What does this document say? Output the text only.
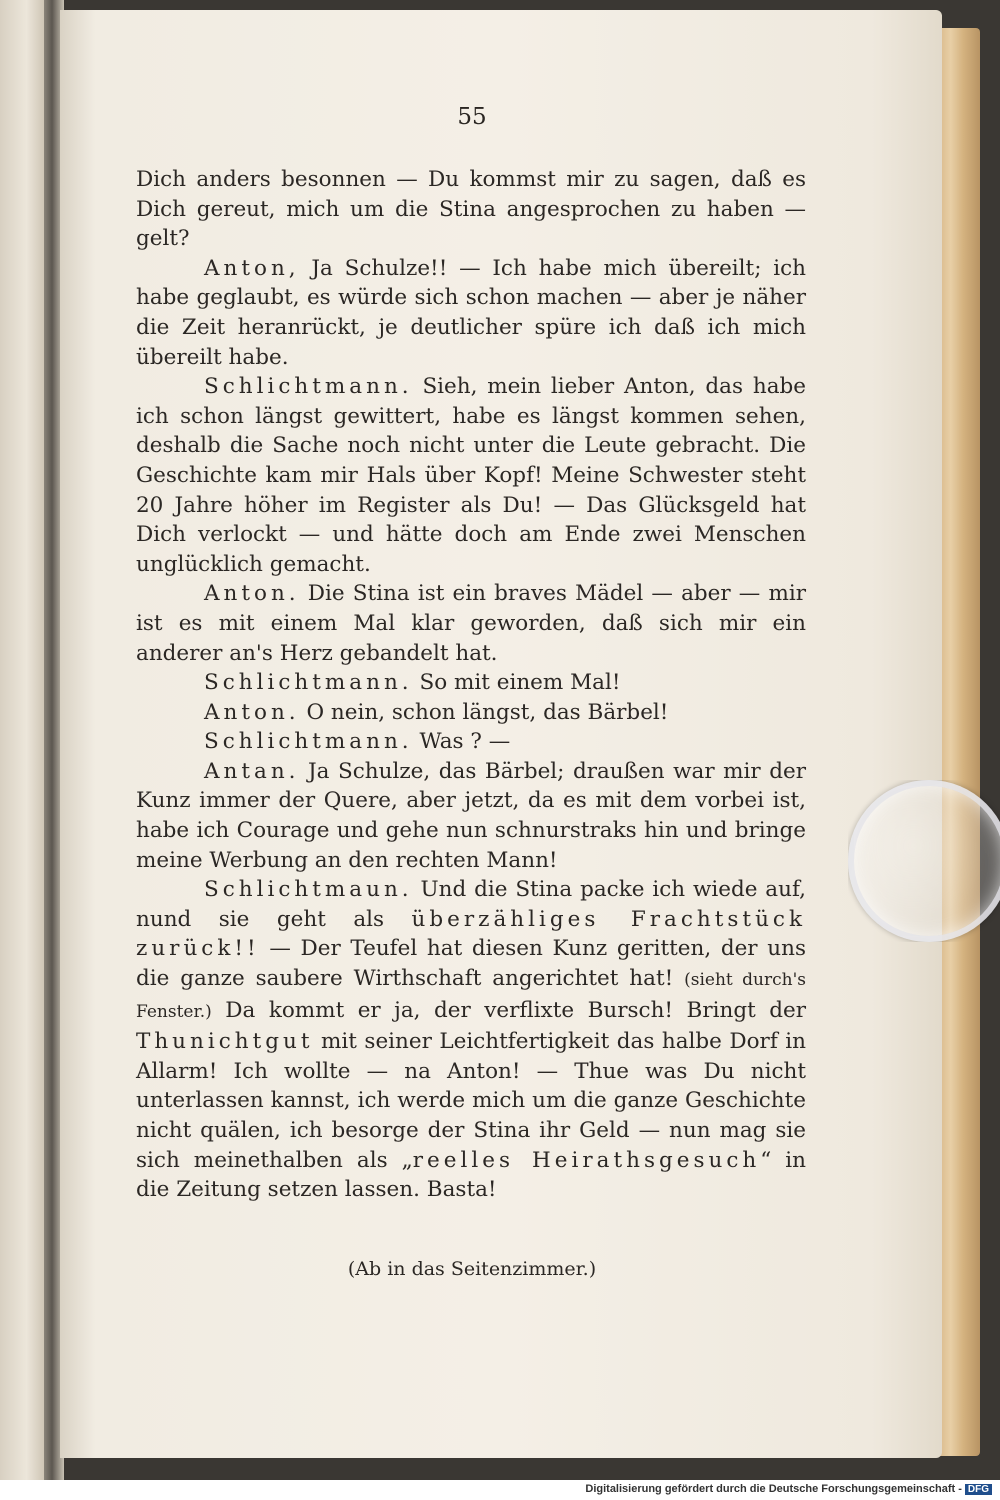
55

Dich anders besonnen — Du kommst mir zu sagen, daß es Dich gereut, mich um die Stina angesprochen zu haben — gelt?

Anton, Ja Schulze!! — Ich habe mich übereilt; ich habe geglaubt, es würde sich schon machen — aber je näher die Zeit heranrückt, je deutlicher spüre ich daß ich mich übereilt habe.

Schlichtmann. Sieh, mein lieber Anton, das habe ich schon längst gewittert, habe es längst kommen sehen, deshalb die Sache noch nicht unter die Leute gebracht. Die Geschichte kam mir Hals über Kopf! Meine Schwester steht 20 Jahre höher im Register als Du! — Das Glücksgeld hat Dich verlockt — und hätte doch am Ende zwei Menschen unglücklich gemacht.

Anton. Die Stina ist ein braves Mädel — aber — mir ist es mit einem Mal klar geworden, daß sich mir ein anderer an's Herz gebandelt hat.

Schlichtmann. So mit einem Mal!

Anton. O nein, schon längst, das Bärbel!

Schlichtmann. Was ? —

Antan. Ja Schulze, das Bärbel; draußen war mir der Kunz immer der Quere, aber jetzt, da es mit dem vorbei ist, habe ich Courage und gehe nun schnurstraks hin und bringe meine Werbung an den rechten Mann!

Schlichtmaun. Und die Stina packe ich wiede auf, nund sie geht als überzähliges Frachtstück zurück!! — Der Teufel hat diesen Kunz geritten, der uns die ganze saubere Wirthschaft angerichtet hat! (sieht durch's Fenster.) Da kommt er ja, der verflixte Bursch! Bringt der Thunichtgut mit seiner Leichtfertigkeit das halbe Dorf in Allarm! Ich wollte — na Anton! — Thue was Du nicht unterlassen kannst, ich werde mich um die ganze Geschichte nicht quälen, ich besorge der Stina ihr Geld — nun mag sie sich meinethalben als „reelles Heirathsgesuch“ in die Zeitung setzen lassen. Basta!

(Ab in das Seitenzimmer.)
Digitalisierung gefördert durch die Deutsche Forschungsgemeinschaft - DFG
